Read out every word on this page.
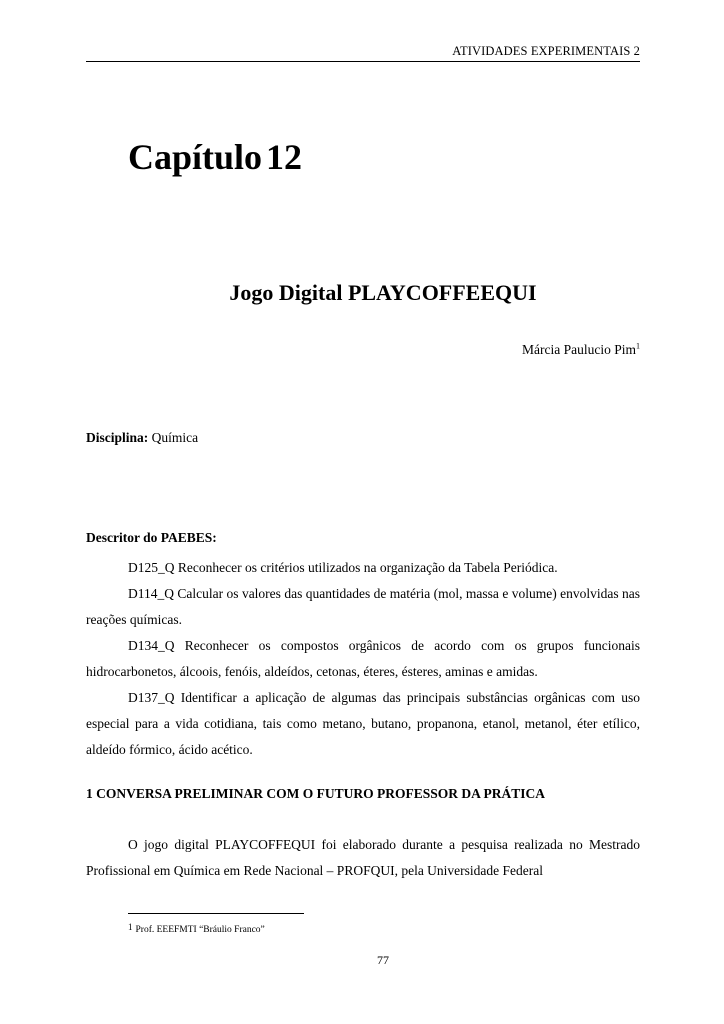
ATIVIDADES EXPERIMENTAIS 2
Capítulo 12
Jogo Digital PLAYCOFFEEQUI
Márcia Paulucio Pim$^1$
Disciplina: Química
Descritor do PAEBES:

D125_Q Reconhecer os critérios utilizados na organização da Tabela Periódica.

D114_Q Calcular os valores das quantidades de matéria (mol, massa e volume) envolvidas nas reações químicas.

D134_Q Reconhecer os compostos orgânicos de acordo com os grupos funcionais hidrocarbonetos, álcoois, fenóis, aldeídos, cetonas, éteres, ésteres, aminas e amidas.

D137_Q Identificar a aplicação de algumas das principais substâncias orgânicas com uso especial para a vida cotidiana, tais como metano, butano, propanona, etanol, metanol, éter etílico, aldeído fórmico, ácido acético.

1 CONVERSA PRELIMINAR COM O FUTURO PROFESSOR DA PRÁTICA

O jogo digital PLAYCOFFEQUI foi elaborado durante a pesquisa realizada no Mestrado Profissional em Química em Rede Nacional – PROFQUI, pela Universidade Federal

$^1$ Prof. EEEFMTI “Bráulio Franco”
77
